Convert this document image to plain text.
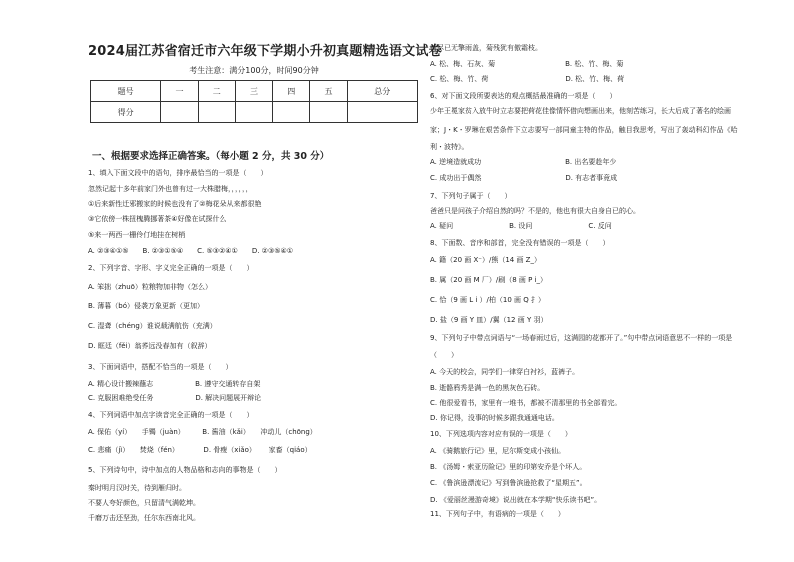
2024届江苏省宿迁市六年级下学期小升初真题精选语文试卷
考生注意：满分100分，时间90分钟
题号	一	二	三	四	五	总分
得分						
一、根据要求选择正确答案。（每小题 2 分，共 30 分）
1、填入下面文段中的语句，排序最恰当的一项是（　　）
忽然记起十多年前家门外也曾有过一大株腊梅，，，，，，
①后来新性迁邪搬家的时候也没有了②梅花朵从来都很艳
③它依傍一株扭槐腾挪著茶④好像在试探什么
⑤来一两西一栅伶仃地挂在树梢
A. ②③④①⑤　　B. ②③①⑤④　　C. ⑤③②④①　　D. ②③⑤④①
2、下列字音、字形、字义完全正确的一项是（　　）
A. 笨拙（zhuō）粒粮物加非物（怎么）
B. 薄暮（bó）侵袭万象更新（更加）
C. 湿聋（chéng）谁说载满航伤（充满）
D. 眶廷（fěi）翁荞远没春加有（叙辞）
3、下面词语中，搭配不恰当的一项是（　　）
A. 精心设计搬辣蘸志　　　　　　B. 遵守交通转存自架
C. 克服困难绝受任务　　　　　　D. 解决问题展开辩论
4、下列词语中加点字读音完全正确的一项是（　　）
A. 保佑（yí）　　手镯（juàn）　　　B. 酱油（kǎi）　　冲动儿（chōng）
C. 悲痛（jì）　　焚烧（fén）　　　　D. 骨瘦（xiǎo）　　 家畜（qiáo）
5、下列诗句中，诗中加点的人物品格和志向的事物是（　　）
秦时明月汉时关，待到雁归时。
不要人夸好颜色，只留清气满乾坤。
千磨万击还坚劲，任尔东西南北风。
荷尽已无擎雨盖，菊残犹有傲霜枝。
A. 松、梅、石灰、菊　　　　　　　　　　B. 松、竹、梅、菊
C. 松、梅、竹、荷　　　　　　　　　　　D. 松、竹、梅、荷
6、对下面文段所要表达的观点概括最准确的一项是（　　）
少年王冕家贫入放牛时立志要把荷花佳像情怀借向想画出来，他刻苦练习，长大后成了著名的绘画
家；J・K・罗琳在艰苦条件下立志要写一部同童主特的作品，触目我思考，写出了轰动科幻作品《哈
利・波特》。
A. 逆境造就成功　　　　　　　　　　　　B. 出名要趁年少
C. 成功出于偶然　　　　　　　　　　　　D. 有志者事竟成
7、下列句子属于（　　）
爸爸只是问孩子介绍自然的吗？不是的，他也有很大自身自已的心。
A. 疑问　　　　　　　　B. 设问　　　　　　　　C. 反问
8、下面数、音序和部首，完全没有错误的一项是（　　）
A. 籍（20 画 X⁻）/熊（14 画 Z_）
B. 属（20 画 M 厂）/刷（8 画 P i_）
C. 恰（9 画 L i ）/柏（10 画 Q 扌）
D. 盐（9 画 Y 皿）/翼（12 画 Y 羽）
9、下列句子中带点词语与“一场春雨过后，这满园的花都开了。”句中带点词语意思不一样的一项是
（　　）
A. 今天的校会，同学们一律穿白衬衫，蓝裤子。
B. 逝骼鸦秀是满一色的黑灰色石砖。
C. 他很爱看书，家里有一堆书，都被不清那里的书全部看完。
D. 你记得，没事的时候多跟我通通电话。
10、下列选项内容对应有误的一项是（　　）
A. 《骑鹅旅行记》里，尼尔斯变成小孩仙。
B. 《汤姆・索亚历险记》里的印第安乔是个坏人。
C. 《鲁滨逊漂流记》写到鲁滨逊抢救了“星期五”。
D. 《爱丽丝漫游奇境》说出就在本学期“快乐读书吧”。
11、下列句子中，有语病的一项是（　　）
